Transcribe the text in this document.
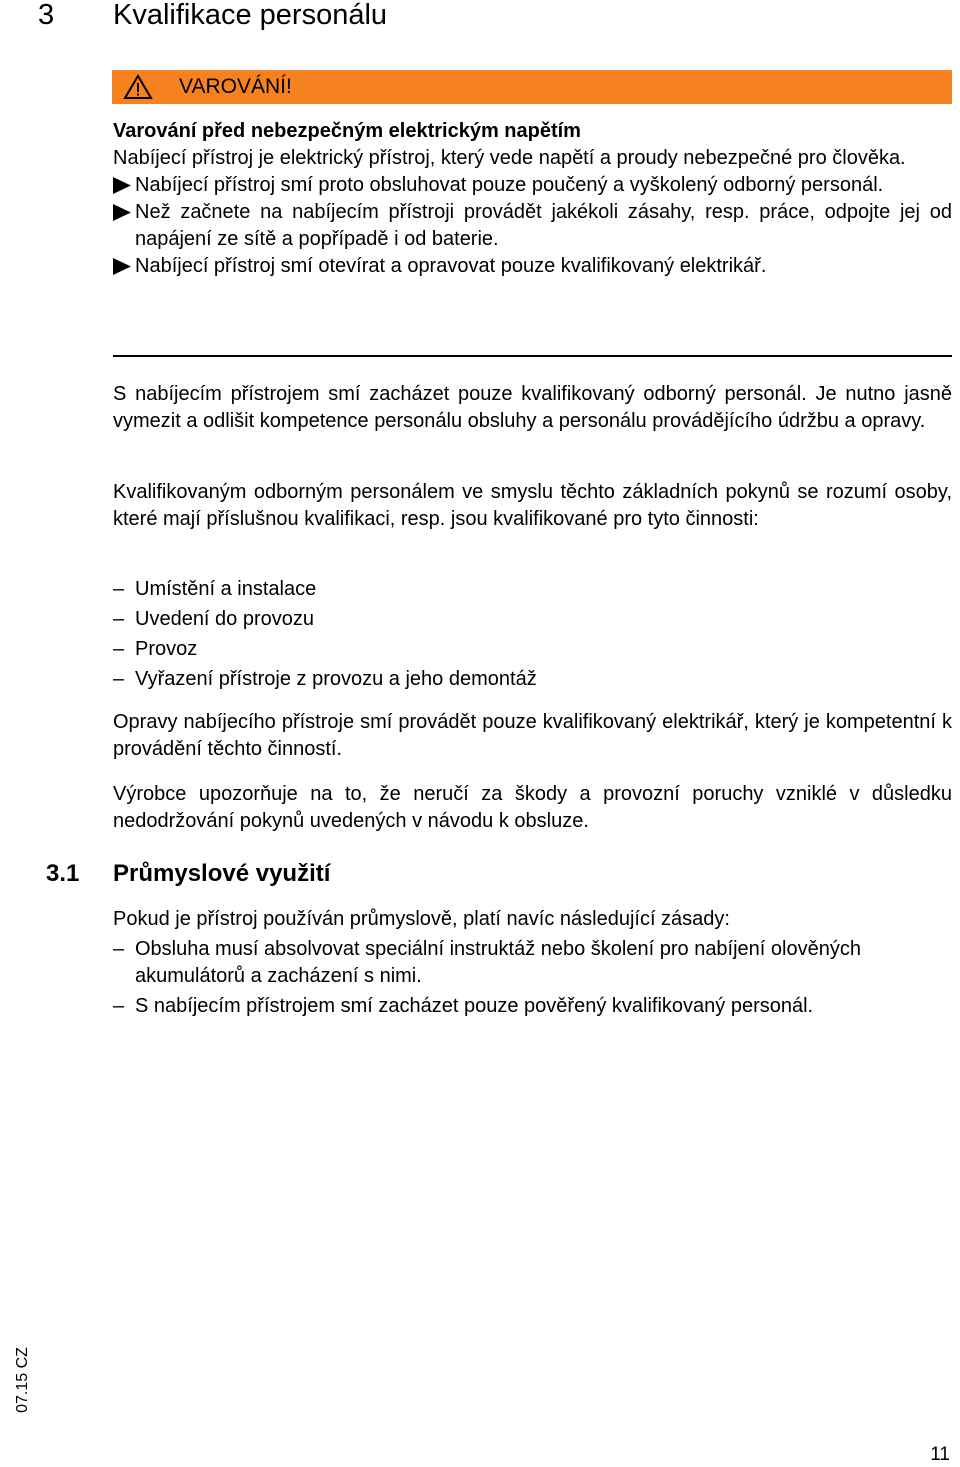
3 Kvalifikace personálu
VAROVÁNÍ!
Varování před nebezpečným elektrickým napětím
Nabíjecí přístroj je elektrický přístroj, který vede napětí a proudy nebezpečné pro člověka.
Nabíjecí přístroj smí proto obsluhovat pouze poučený a vyškolený odborný personál.
Než začnete na nabíjecím přístroji provádět jakékoli zásahy, resp. práce, odpojte jej od napájení ze sítě a popřípadě i od baterie.
Nabíjecí přístroj smí otevírat a opravovat pouze kvalifikovaný elektrikář.
S nabíjecím přístrojem smí zacházet pouze kvalifikovaný odborný personál. Je nutno jasně vymezit a odlišit kompetence personálu obsluhy a personálu provádějícího údržbu a opravy.
Kvalifikovaným odborným personálem ve smyslu těchto základních pokynů se rozumí osoby, které mají příslušnou kvalifikaci, resp. jsou kvalifikované pro tyto činnosti:
– Umístění a instalace
– Uvedení do provozu
– Provoz
– Vyřazení přístroje z provozu a jeho demontáž
Opravy nabíjecího přístroje smí provádět pouze kvalifikovaný elektrikář, který je kompetentní k provádění těchto činností.
Výrobce upozorňuje na to, že neručí za škody a provozní poruchy vzniklé v důsledku nedodržování pokynů uvedených v návodu k obsluze.
3.1 Průmyslové využití
Pokud je přístroj používán průmyslově, platí navíc následující zásady:
– Obsluha musí absolvovat speciální instruktáž nebo školení pro nabíjení olověných akumulátorů a zacházení s nimi.
– S nabíjecím přístrojem smí zacházet pouze pověřený kvalifikovaný personál.
07.15 CZ
11
